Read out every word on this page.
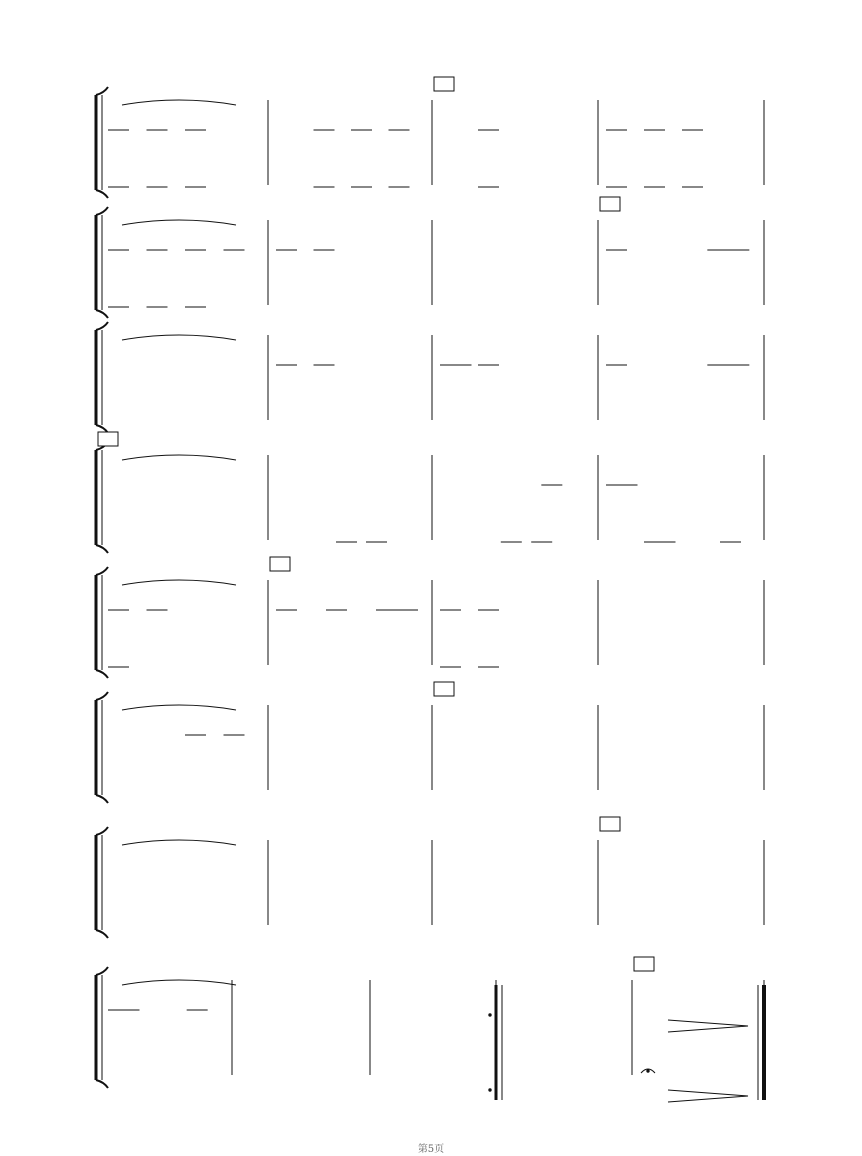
第5页
